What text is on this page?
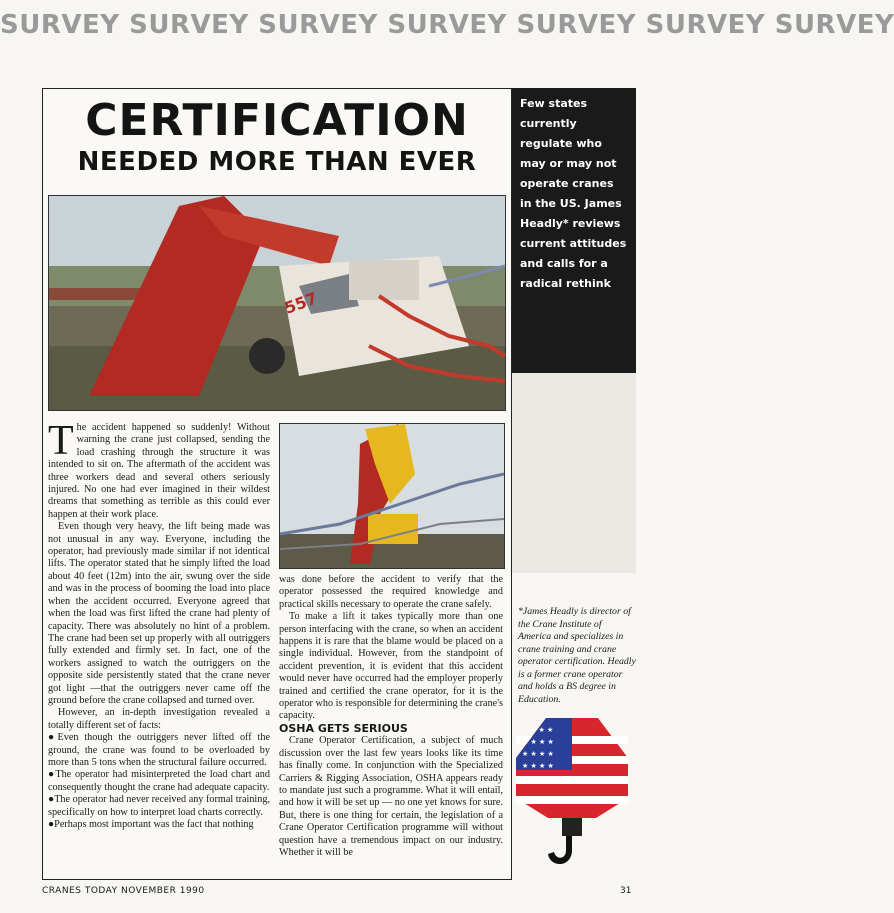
SURVEY SURVEY SURVEY SURVEY SURVEY SURVEY SURVEY
CERTIFICATION
NEEDED MORE THAN EVER
557

The accident happened so suddenly! Without warning the crane just collapsed, sending the load crashing through the structure it was intended to sit on. The aftermath of the accident was three workers dead and several others seriously injured. No one had ever imagined in their wildest dreams that something as terrible as this could ever happen at their work place.

Even though very heavy, the lift being made was not unusual in any way. Everyone, including the operator, had previously made similar if not identical lifts. The operator stated that he simply lifted the load about 40 feet (12m) into the air, swung over the side and was in the process of booming the load into place when the accident occurred. Everyone agreed that when the load was first lifted the crane had plenty of capacity. There was absolutely no hint of a problem. The crane had been set up properly with all outriggers fully extended and firmly set. In fact, one of the workers assigned to watch the outriggers on the opposite side persistently stated that the crane never got light —that the outriggers never came off the ground before the crane collapsed and turned over.

However, an in-depth investigation revealed a totally different set of facts:

●Even though the outriggers never lifted off the ground, the crane was found to be overloaded by more than 5 tons when the structural failure occurred.

●The operator had misinterpreted the load chart and consequently thought the crane had adequate capacity.

●The operator had never received any formal training, specifically on how to interpret load charts correctly.

●Perhaps most important was the fact that nothing

was done before the accident to verify that the operator possessed the required knowledge and practical skills necessary to operate the crane safely.

To make a lift it takes typically more than one person interfacing with the crane, so when an accident happens it is rare that the blame would be placed on a single individual. However, from the standpoint of accident prevention, it is evident that this accident would never have occurred had the employer properly trained and certified the crane operator, for it is the operator who is responsible for determining the crane's capacity.

OSHA GETS SERIOUS

Crane Operator Certification, a subject of much discussion over the last few years looks like its time has finally come. In conjunction with the Specialized Carriers & Rigging Association, OSHA appears ready to mandate just such a programme. What it will entail, and how it will be set up — no one yet knows for sure. But, there is one thing for certain, the legislation of a Crane Operator Certification programme will without question have a tremendous impact on our industry. Whether it will be

Few states currently regulate who may or may not operate cranes in the US. James Headly* reviews current attitudes and calls for a radical rethink
*James Headly is director of the Crane Institute of America and specializes in crane training and crane operator certification. Headly is a former crane operator and holds a BS degree in Education.
★ ★ ★
★ ★ ★ ★
★ ★ ★ ★
★ ★ ★ ★
CRANES TODAY NOVEMBER 1990	31
